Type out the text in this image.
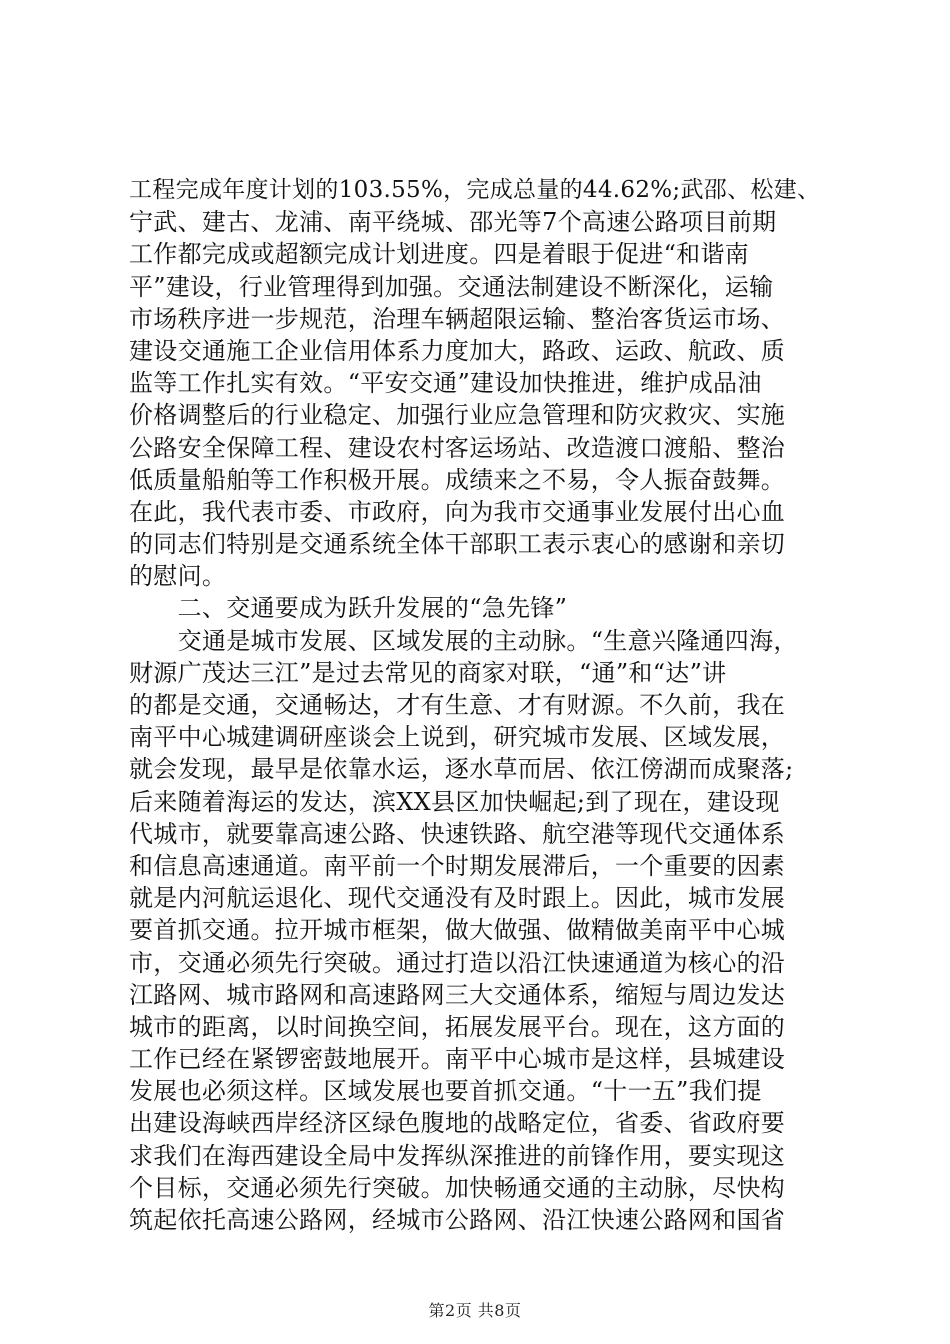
工程完成年度计划的103.55%，完成总量的44.62%;武邵、松建、
宁武、建古、龙浦、南平绕城、邵光等7个高速公路项目前期
工作都完成或超额完成计划进度。四是着眼于促进“和谐南
平”建设，行业管理得到加强。交通法制建设不断深化，运输
市场秩序进一步规范，治理车辆超限运输、整治客货运市场、
建设交通施工企业信用体系力度加大，路政、运政、航政、质
监等工作扎实有效。“平安交通”建设加快推进，维护成品油
价格调整后的行业稳定、加强行业应急管理和防灾救灾、实施
公路安全保障工程、建设农村客运场站、改造渡口渡船、整治
低质量船舶等工作积极开展。成绩来之不易，令人振奋鼓舞。
在此，我代表市委、市政府，向为我市交通事业发展付出心血
的同志们特别是交通系统全体干部职工表示衷心的感谢和亲切
的慰问。
　　二、交通要成为跃升发展的“急先锋”
　　交通是城市发展、区域发展的主动脉。“生意兴隆通四海，
财源广茂达三江”是过去常见的商家对联，“通”和“达”讲
的都是交通，交通畅达，才有生意、才有财源。不久前，我在
南平中心城建调研座谈会上说到，研究城市发展、区域发展，
就会发现，最早是依靠水运，逐水草而居、依江傍湖而成聚落;
后来随着海运的发达，滨XX县区加快崛起;到了现在，建设现
代城市，就要靠高速公路、快速铁路、航空港等现代交通体系
和信息高速通道。南平前一个时期发展滞后，一个重要的因素
就是内河航运退化、现代交通没有及时跟上。因此，城市发展
要首抓交通。拉开城市框架，做大做强、做精做美南平中心城
市，交通必须先行突破。通过打造以沿江快速通道为核心的沿
江路网、城市路网和高速路网三大交通体系，缩短与周边发达
城市的距离，以时间换空间，拓展发展平台。现在，这方面的
工作已经在紧锣密鼓地展开。南平中心城市是这样，县城建设
发展也必须这样。区域发展也要首抓交通。“十一五”我们提
出建设海峡西岸经济区绿色腹地的战略定位，省委、省政府要
求我们在海西建设全局中发挥纵深推进的前锋作用，要实现这
个目标，交通必须先行突破。加快畅通交通的主动脉，尽快构
筑起依托高速公路网，经城市公路网、沿江快速公路网和国省
第2页 共8页
